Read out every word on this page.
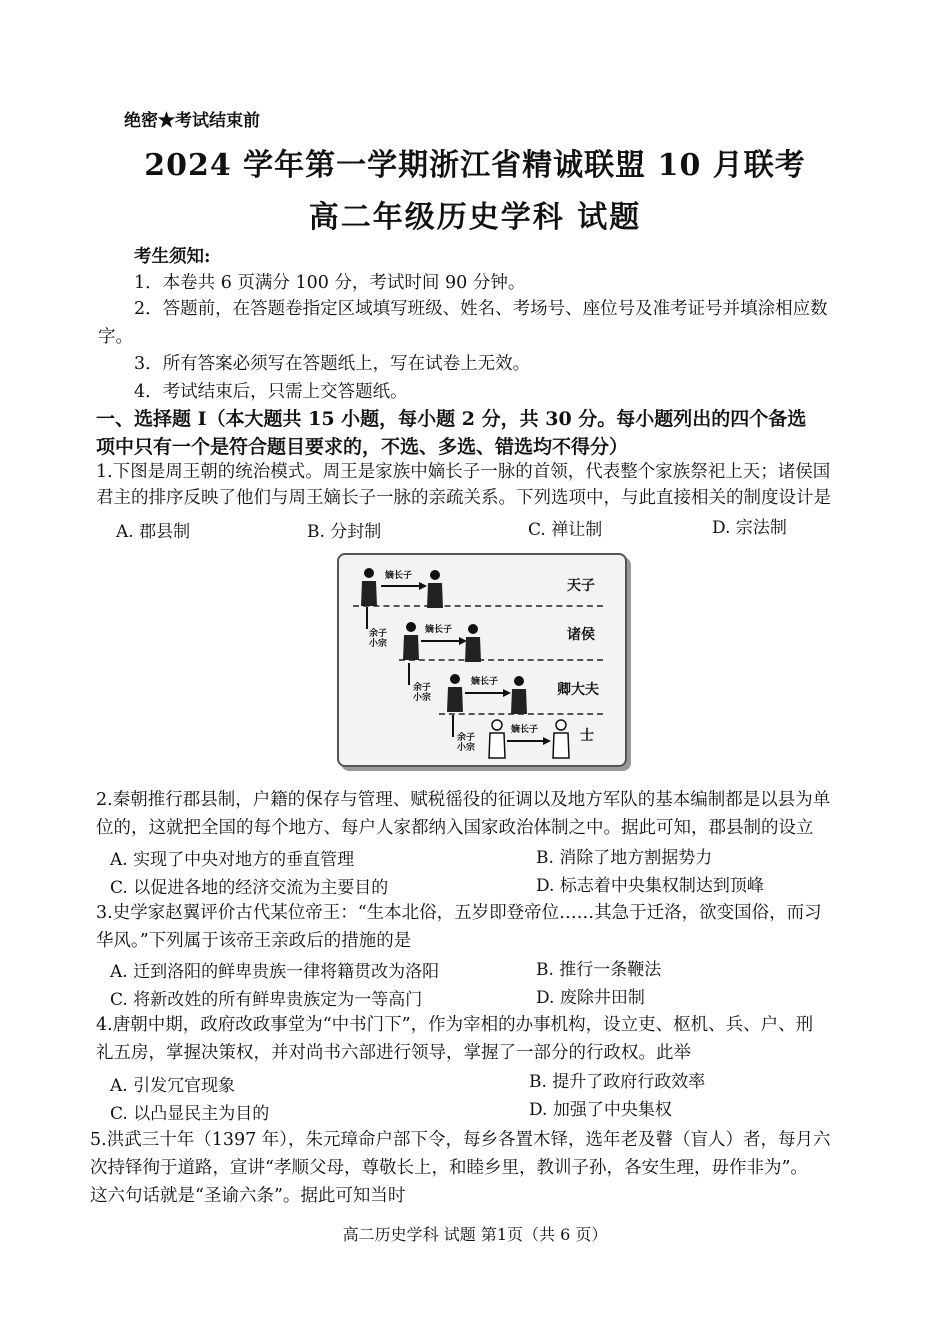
绝密★考试结束前
2024 学年第一学期浙江省精诚联盟 10 月联考
高二年级历史学科 试题
考生须知:
1．本卷共 6 页满分 100 分，考试时间 90 分钟。
2．答题前，在答题卷指定区域填写班级、姓名、考场号、座位号及准考证号并填涂相应数
字。
3．所有答案必须写在答题纸上，写在试卷上无效。
4．考试结束后，只需上交答题纸。
一、选择题 I（本大题共 15 小题，每小题 2 分，共 30 分。每小题列出的四个备选
项中只有一个是符合题目要求的，不选、多选、错选均不得分）
1.下图是周王朝的统治模式。周王是家族中嫡长子一脉的首领，代表整个家族祭祀上天；诸侯国
君主的排序反映了他们与周王嫡长子一脉的亲疏关系。下列选项中，与此直接相关的制度设计是
A. 郡县制	B. 分封制	C. 禅让制	D. 宗法制
天子
诸侯
卿大夫
士
嫡长子
余子
小宗
嫡长子
余子
小宗
嫡长子
余子
小宗
嫡长子
2.秦朝推行郡县制，户籍的保存与管理、赋税徭役的征调以及地方军队的基本编制都是以县为单
位的，这就把全国的每个地方、每户人家都纳入国家政治体制之中。据此可知，郡县制的设立
A. 实现了中央对地方的垂直管理	B. 消除了地方割据势力
C. 以促进各地的经济交流为主要目的	D. 标志着中央集权制达到顶峰
3.史学家赵翼评价古代某位帝王：“生本北俗，五岁即登帝位……其急于迁洛，欲变国俗，而习
华风。”下列属于该帝王亲政后的措施的是
A. 迁到洛阳的鲜卑贵族一律将籍贯改为洛阳	B. 推行一条鞭法
C. 将新改姓的所有鲜卑贵族定为一等高门	D. 废除井田制
4.唐朝中期，政府改政事堂为“中书门下”，作为宰相的办事机构，设立吏、枢机、兵、户、刑
礼五房，掌握决策权，并对尚书六部进行领导，掌握了一部分的行政权。此举
A. 引发冗官现象	B. 提升了政府行政效率
C. 以凸显民主为目的	D. 加强了中央集权
5.洪武三十年（1397 年），朱元璋命户部下令，每乡各置木铎，选年老及瞽（盲人）者，每月六
次持铎徇于道路，宣讲“孝顺父母，尊敬长上，和睦乡里，教训子孙，各安生理，毋作非为”。
这六句话就是“圣谕六条”。据此可知当时
高二历史学科 试题 第1页（共 6 页）
